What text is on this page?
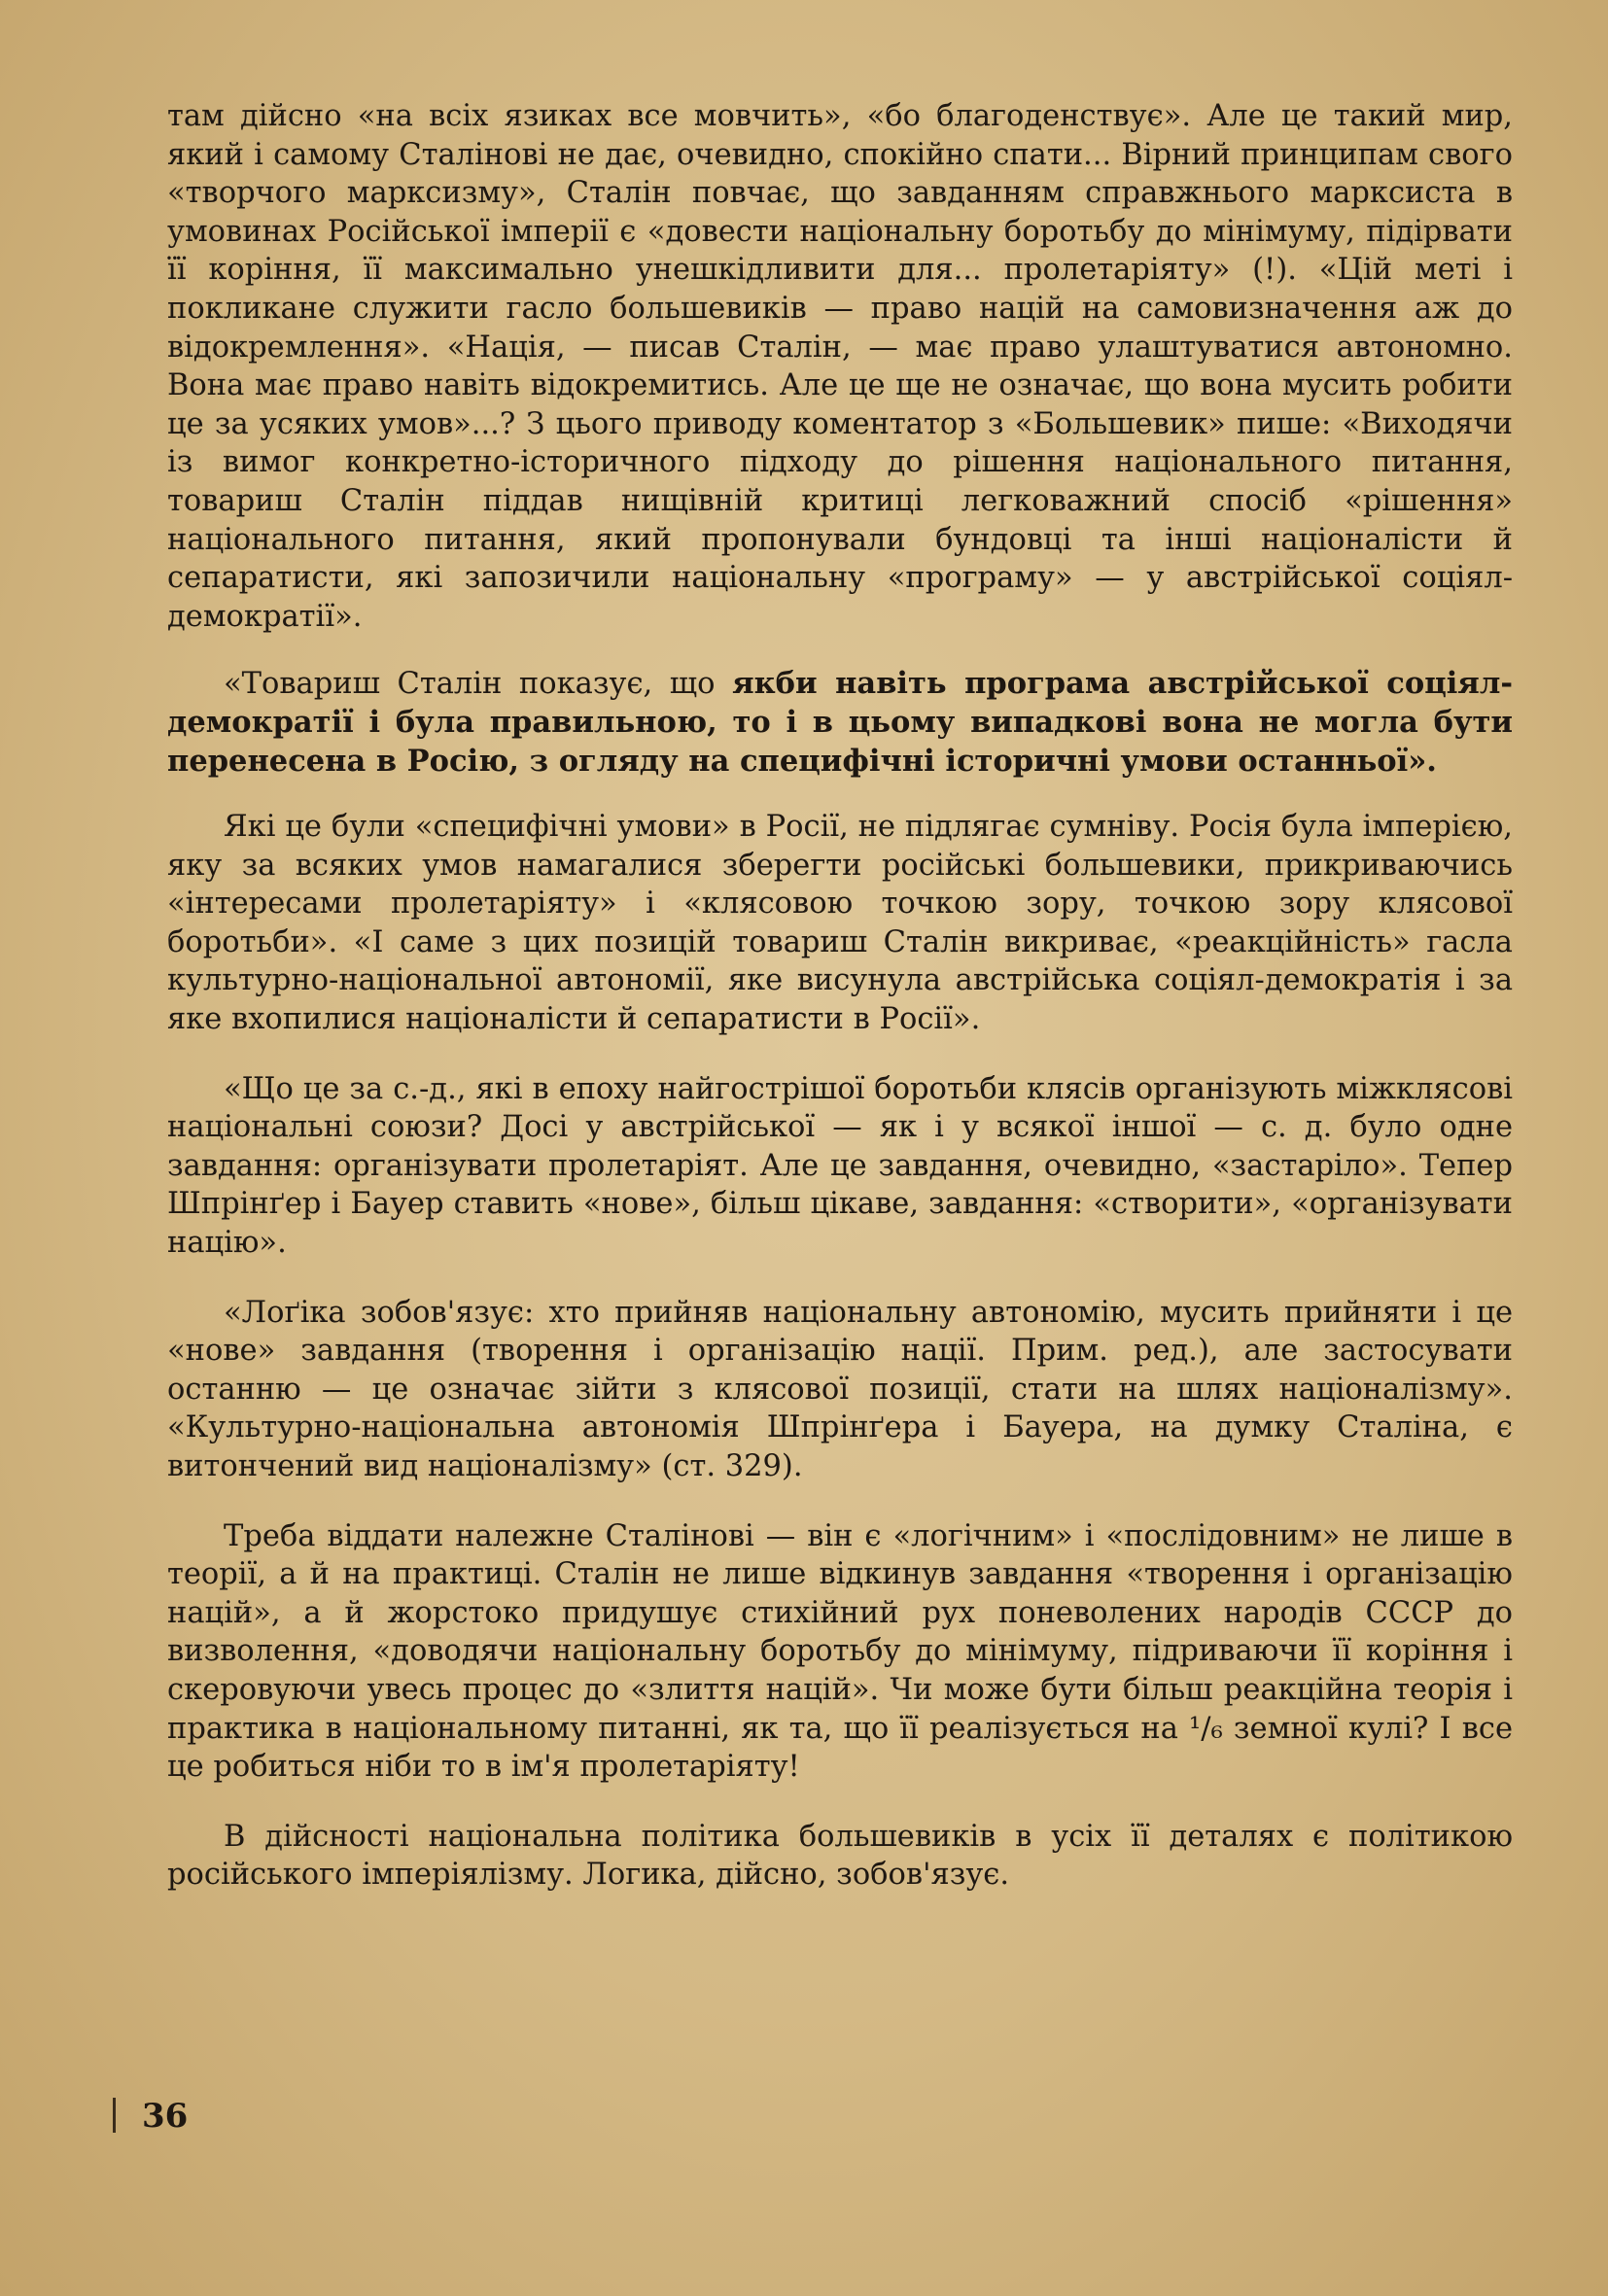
там дійсно «на всіх язиках все мовчить», «бо благоденствує». Але це такий мир, який і самому Сталінові не дає, очевидно, спокійно спати... Вірний принципам свого «творчого марксизму», Сталін повчає, що завданням справжнього марксиста в умовинах Російської імперії є «довести національну боротьбу до мінімуму, підірвати її коріння, її максимально унешкідливити для... пролетаріяту» (!). «Цій меті і покликане служити гасло большевиків — право націй на самовизначення аж до відокремлення». «Нація, — писав Сталін, — має право улаштуватися автономно. Вона має право навіть відокремитись. Але це ще не означає, що вона мусить робити це за усяких умов»...? З цього приводу коментатор з «Большевик» пише: «Виходячи із вимог конкретно-історичного підходу до рішення національного питання, товариш Сталін піддав нищівній критиці легковажний спосіб «рішення» національного питання, який пропонували бундовці та інші націоналісти й сепаратисти, які запозичили національну «програму» — у австрійської соціял-демократії».

«Товариш Сталін показує, що якби навіть програма австрійської соціял-демократії і була правильною, то і в цьому випадкові вона не могла бути перенесена в Росію, з огляду на специфічні історичні умови останньої».

Які це були «специфічні умови» в Росії, не підлягає сумніву. Росія була імперією, яку за всяких умов намагалися зберегти російські большевики, прикриваючись «інтересами пролетаріяту» і «клясовою точкою зору, точкою зору клясової боротьби». «І саме з цих позицій товариш Сталін викриває, «реакційність» гасла культурно-національної автономії, яке висунула австрійська соціял-демократія і за яке вхопилися націоналісти й сепаратисти в Росії».

«Що це за с.-д., які в епоху найгострішої боротьби клясів організують міжклясові національні союзи? Досі у австрійської — як і у всякої іншої — с. д. було одне завдання: організувати пролетаріят. Але це завдання, очевидно, «застаріло». Тепер Шпрінґер і Бауер ставить «нове», більш цікаве, завдання: «створити», «організувати націю».

«Лоґіка зобов'язує: хто прийняв національну автономію, мусить прийняти і це «нове» завдання (творення і організацію нації. Прим. ред.), але застосувати останню — це означає зійти з клясової позиції, стати на шлях націоналізму». «Культурно-національна автономія Шпрінґера і Бауера, на думку Сталіна, є витончений вид націоналізму» (ст. 329).

Треба віддати належне Сталінові — він є «логічним» і «послідовним» не лише в теорії, а й на практиці. Сталін не лише відкинув завдання «творення і організацію націй», а й жорстоко придушує стихійний рух поневолених народів СССР до визволення, «доводячи національну боротьбу до мінімуму, підриваючи її коріння і скеровуючи увесь процес до «злиття націй». Чи може бути більш реакційна теорія і практика в національному питанні, як та, що її реалізується на ¹/₆ земної кулі? І все це робиться ніби то в ім'я пролетаріяту!

В дійсності національна політика большевиків в усіх її деталях є політикою російського імперіялізму. Логика, дійсно, зобов'язує.

36
